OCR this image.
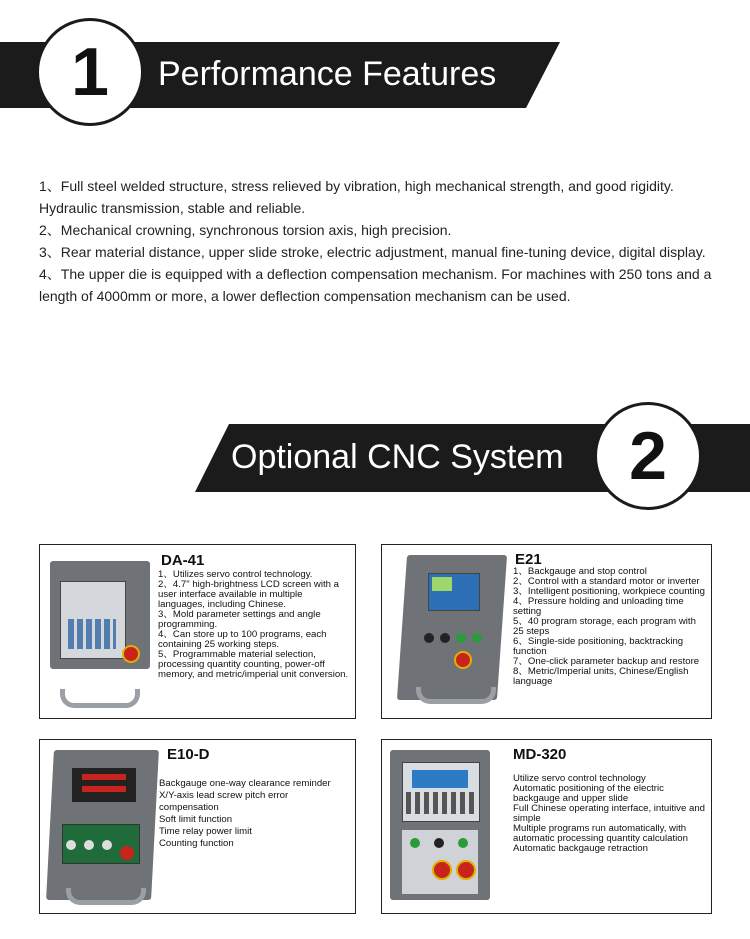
1 Performance Features

1、Full steel welded structure, stress relieved by vibration, high mechanical strength, and good rigidity. Hydraulic transmission, stable and reliable.

2、Mechanical crowning, synchronous torsion axis, high precision.

3、Rear material distance, upper slide stroke, electric adjustment, manual fine-tuning device, digital display.

4、The upper die is equipped with a deflection compensation mechanism. For machines with 250 tons and a length of 4000mm or more, a lower deflection compensation mechanism can be used.

Optional CNC System 2
DA-41
1、Utilizes servo control technology.
2、4.7" high-brightness LCD screen with a user interface available in multiple languages, including Chinese.
3、Mold parameter settings and angle programming.
4、Can store up to 100 programs, each containing 25 working steps.
5、Programmable material selection, processing quantity counting, power-off memory, and metric/imperial unit conversion.
E21
1、Backgauge and stop control
2、Control with a standard motor or inverter
3、Intelligent positioning, workpiece counting
4、Pressure holding and unloading time setting
5、40 program storage, each program with 25 steps
6、Single-side positioning, backtracking function
7、One-click parameter backup and restore
8、Metric/Imperial units, Chinese/English language
E10-D
Backgauge one-way clearance reminder
X/Y-axis lead screw pitch error compensation
Soft limit function
Time relay power limit
Counting function
MD-320
Utilize servo control technology
Automatic positioning of the electric backgauge and upper slide
Full Chinese operating interface, intuitive and simple
Multiple programs run automatically, with automatic processing quantity calculation
Automatic backgauge retraction
